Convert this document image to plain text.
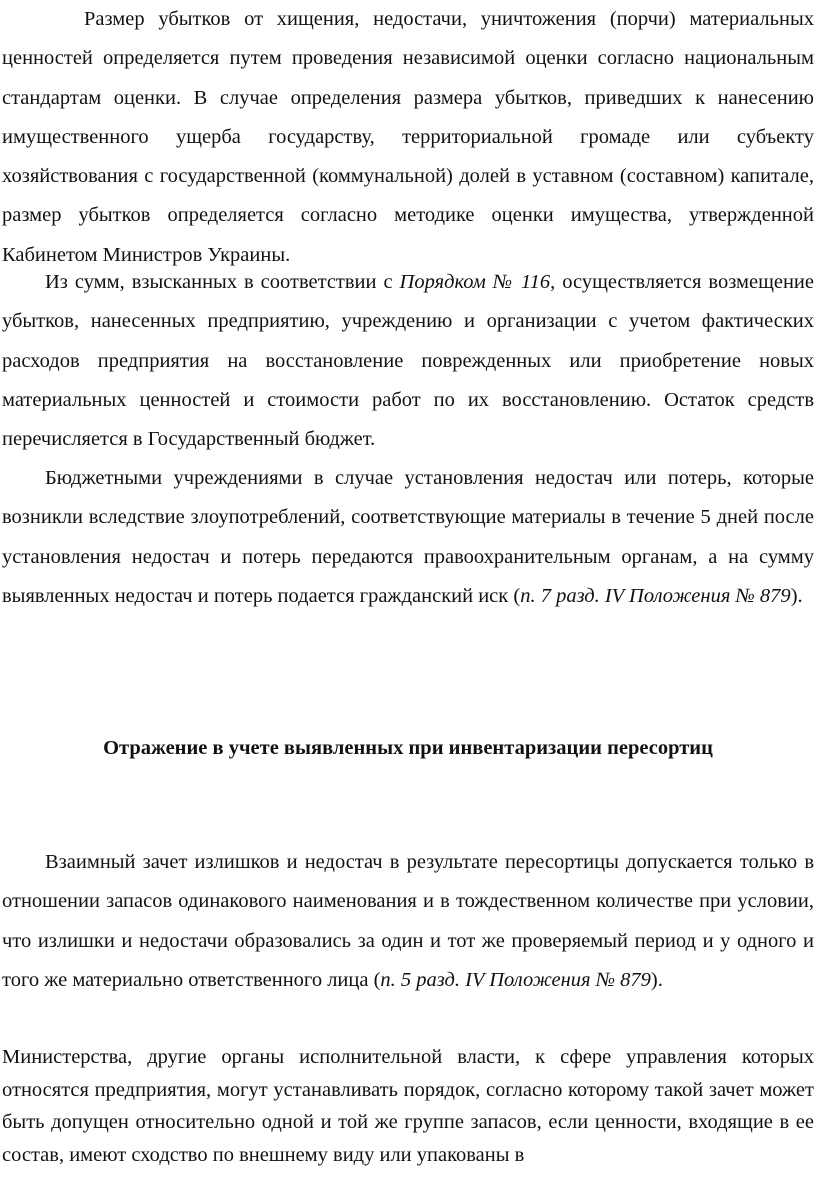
Размер убытков от хищения, недостачи, уничтожения (порчи) материальных ценностей определяется путем проведения независимой оценки согласно национальным стандартам оценки. В случае определения размера убытков, приведших к нанесению имущественного ущерба государству, территориальной громаде или субъекту хозяйствования с государственной (коммунальной) долей в уставном (составном) капитале, размер убытков определяется согласно методике оценки имущества, утвержденной Кабинетом Министров Украины.

Из сумм, взысканных в соответствии с Порядком № 116, осуществляется возмещение убытков, нанесенных предприятию, учреждению и организации с учетом фактических расходов предприятия на восстановление поврежденных или приобретение новых материальных ценностей и стоимости работ по их восстановлению. Остаток средств перечисляется в Государственный бюджет.

Бюджетными учреждениями в случае установления недостач или потерь, которые возникли вследствие злоупотреблений, соответствующие материалы в течение 5 дней после установления недостач и потерь передаются правоохранительным органам, а на сумму выявленных недостач и потерь подается гражданский иск (п. 7 разд. IV Положения № 879).

Отражение в учете выявленных при инвентаризации пересортиц

Взаимный зачет излишков и недостач в результате пересортицы допускается только в отношении запасов одинакового наименования и в тождественном количестве при условии, что излишки и недостачи образовались за один и тот же проверяемый период и у одного и того же материально ответственного лица (п. 5 разд. IV Положения № 879).

Министерства, другие органы исполнительной власти, к сфере управления которых относятся предприятия, могут устанавливать порядок, согласно которому такой зачет может быть допущен относительно одной и той же группе запасов, если ценности, входящие в ее состав, имеют сходство по внешнему виду или упакованы в
